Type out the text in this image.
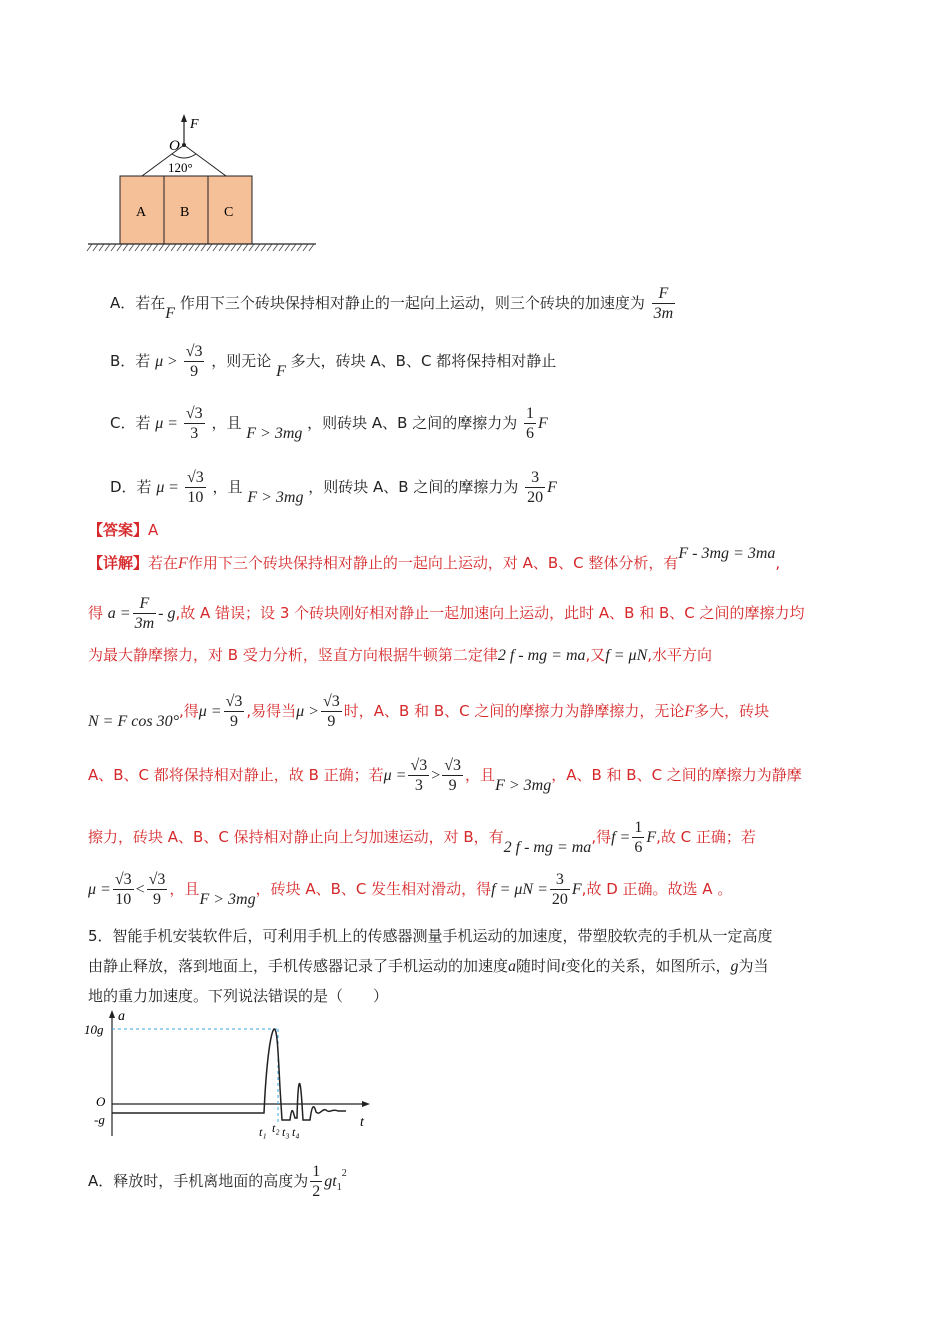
F
O
120°
A B C
A．若在F 作用下三个砖块保持相对静止的一起向上运动，则三个砖块的加速度为 $\frac{F}{3m}$
B．若 $\mu > \frac{√3}{9}$ ，则无论 F 多大，砖块 A、B、C 都将保持相对静止
C．若 $\mu = \frac{√3}{3}$ ，且 F > 3mg ，则砖块 A、B 之间的摩擦力为 $\frac{1}{6}$ F
D．若 $\mu = \frac{√3}{10}$ ，且 F > 3mg ，则砖块 A、B 之间的摩擦力为 $\frac{3}{20}$ F
【答案】A
【详解】若在F作用下三个砖块保持相对静止的一起向上运动，对 A、B、C 整体分析，有F - 3mg = 3ma,
得 $a = \frac{F}{3m} - g$,故 A 错误；设 3 个砖块刚好相对静止一起加速向上运动，此时 A、B 和 B、C 之间的摩擦力均
为最大静摩擦力，对 B 受力分析，竖直方向根据牛顿第二定律2 f - mg = ma,又f = μN,水平方向
N = F cos 30°,得$\mu = \frac{√3}{9}$ ,易得当$\mu > \frac{√3}{9}$ 时，A、B 和 B、C 之间的摩擦力为静摩擦力，无论F多大，砖块
A、B、C 都将保持相对静止，故 B 正确；若$\mu = \frac{√3}{3} > \frac{√3}{9}$ ，且F > 3mg，A、B 和 B、C 之间的摩擦力为静摩
擦力，砖块 A、B、C 保持相对静止向上匀加速运动，对 B，有2 f - mg = ma,得$f = \frac{1}{6} F$,故 C 正确；若
$\mu = \frac{√3}{10} < \frac{√3}{9}$ ，且F > 3mg，砖块 A、B、C 发生相对滑动，得$f = \mu N = \frac{3}{20} F$,故 D 正确。故选 A 。
5．智能手机安装软件后，可利用手机上的传感器测量手机运动的加速度，带塑胶软壳的手机从一定高度
由静止释放，落到地面上，手机传感器记录了手机运动的加速度a随时间t变化的关系，如图所示，g为当
地的重力加速度。下列说法错误的是（　　）
a
t
10g
O
-g
t₁ t₂ t₃ t₄
A．释放时，手机离地面的高度为 $\frac{1}{2} gt_1^2$
